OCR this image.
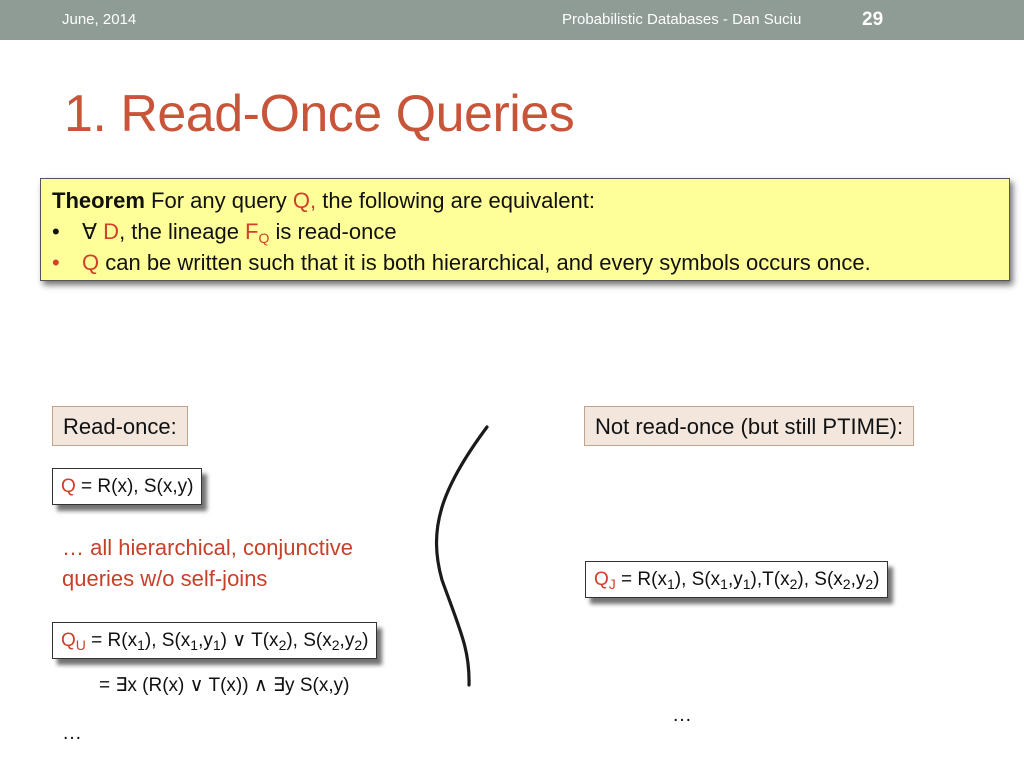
June, 2014	Probabilistic Databases - Dan Suciu	29
1. Read-Once Queries
Theorem For any query Q, the following are equivalent:
• ∀ D, the lineage $F_Q$ is read-once
• Q can be written such that it is both hierarchical, and every symbols occurs once.
Read-once:
Q = R(x), S(x,y)
… all hierarchical, conjunctive
queries w/o self-joins
$Q_U = R(x_1)$, $S(x_1,y_1)$ ∨ $T(x_2)$, $S(x_2,y_2)$
= ∃x (R(x) ∨ T(x)) ∧ ∃y S(x,y)
…
Not read-once (but still PTIME):
$Q_J = R(x_1)$, $S(x_1,y_1),T(x_2)$, $S(x_2,y_2)$
…
